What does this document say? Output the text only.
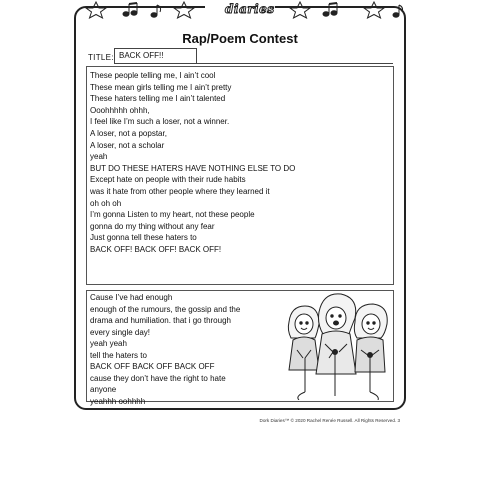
diaries
Rap/Poem Contest
TITLE: BACK OFF!!
These people telling me, I ain’t cool
These mean girls telling me I ain’t pretty
These haters telling me I ain’t talented
Ooohhhhh ohhh,
I feel like I’m such a loser, not a winner.
A loser, not a popstar,
A loser, not a scholar
yeah
BUT DO THESE HATERS HAVE NOTHING ELSE TO DO
Except hate on people with their rude habits
was it hate from other people where they learned it
oh oh oh
I’m gonna Listen to my heart, not these people
gonna do my thing without any fear
Just gonna tell these haters to
BACK OFF! BACK OFF! BACK OFF!
Cause I’ve had enough
enough of the rumours, the gossip and the
drama and humiliation. that i go through
every single day!
yeah yeah
tell the haters to
BACK OFF BACK OFF BACK OFF
cause they don’t have the right to hate
anyone
yeahhh oohhhh
Dork Diaries™ © 2020 Rachel Renée Russell. All Rights Reserved. 3
